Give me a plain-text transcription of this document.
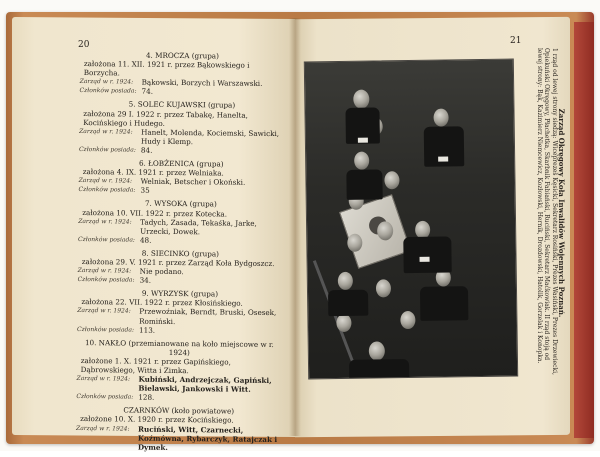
20	21
4. MROCZA (grupa)
założona 11. XII. 1921 r. przez Bąkowskiego i Borzycha.
Zarząd w r. 1924:	Bąkowski, Borzych i Warszawski.
Członków posiada: 74.
5. SOLEC KUJAWSKI (grupa)
założona 29 I. 1922 r. przez Tabakę, Hanelta, Kocińskiego i Hudego.
Zarząd w r. 1924:	Hanelt, Molenda, Kociemski, Sawicki, Hudy i Klemp.
Członków posiada: 84.
6. ŁOBŻENICA (grupa)
założona 4. IX. 1921 r. przez Welniaka.
Zarząd w r. 1924:	Welniak, Betscher i Okoński.
Członków posiada: 35
7. WYSOKA (grupa)
założona 10. VII. 1922 r. przez Kotecka.
Zarząd w r. 1924:	Tadych, Zasada, Tekaśka, Jarke, Urzecki, Dowek.
Członków posiada: 48.
8. SIECINKO (grupa)
założona 29. V. 1921 r. przez Zarząd Koła Bydgoszcz.
Zarząd w r. 1924:	Nie podano.
Członków posiada: 34.
9. WYRZYSK (grupa)
założona 22. VII. 1922 r. przez Kłosińskiego.
Zarząd w r. 1924:	Przewoźniak, Berndt, Bruski, Osesek, Romiński.
Członków posiada: 113.
10. NAKŁO (przemianowane na koło miejscowe w r. 1924)
założone 1. X. 1921 r. przez Gapińskiego, Dąbrowskiego, Witta i Zimka.
Zarząd w r. 1924:	Kubiński, Andrzejczak, Gapiński, Bielawski, Jankowski i Witt.
Członków posiada: 128.
CZARNKÓW (koło powiatowe)
założone 10. X. 1920 r. przez Kocińskiego.
Zarząd w r. 1924:	Ruciński, Witt, Czarnecki, Koźmówna, Rybarczyk, Ratajczak i Dymek.
Zarząd Okręgowy Koła Inwalidów Wojennych Poznań.
1 rząd od lewej strony siedzą: Wiceprezes Kęsicki, Sekretarz Rosiński, Prezes Wasiński, Prezes Drzewiecki, Opiekuński Okręgowy, Płachetka, Skarbnik Fabiański, Ruciński, Sekretarz Maćkowiak. II rząd stoją od lewej strony: Bąk, Kazimierz Niemcewicz, Kozłowski, Hernik, Drozdowski, Hatolik, Gorzelak i Konopka.
